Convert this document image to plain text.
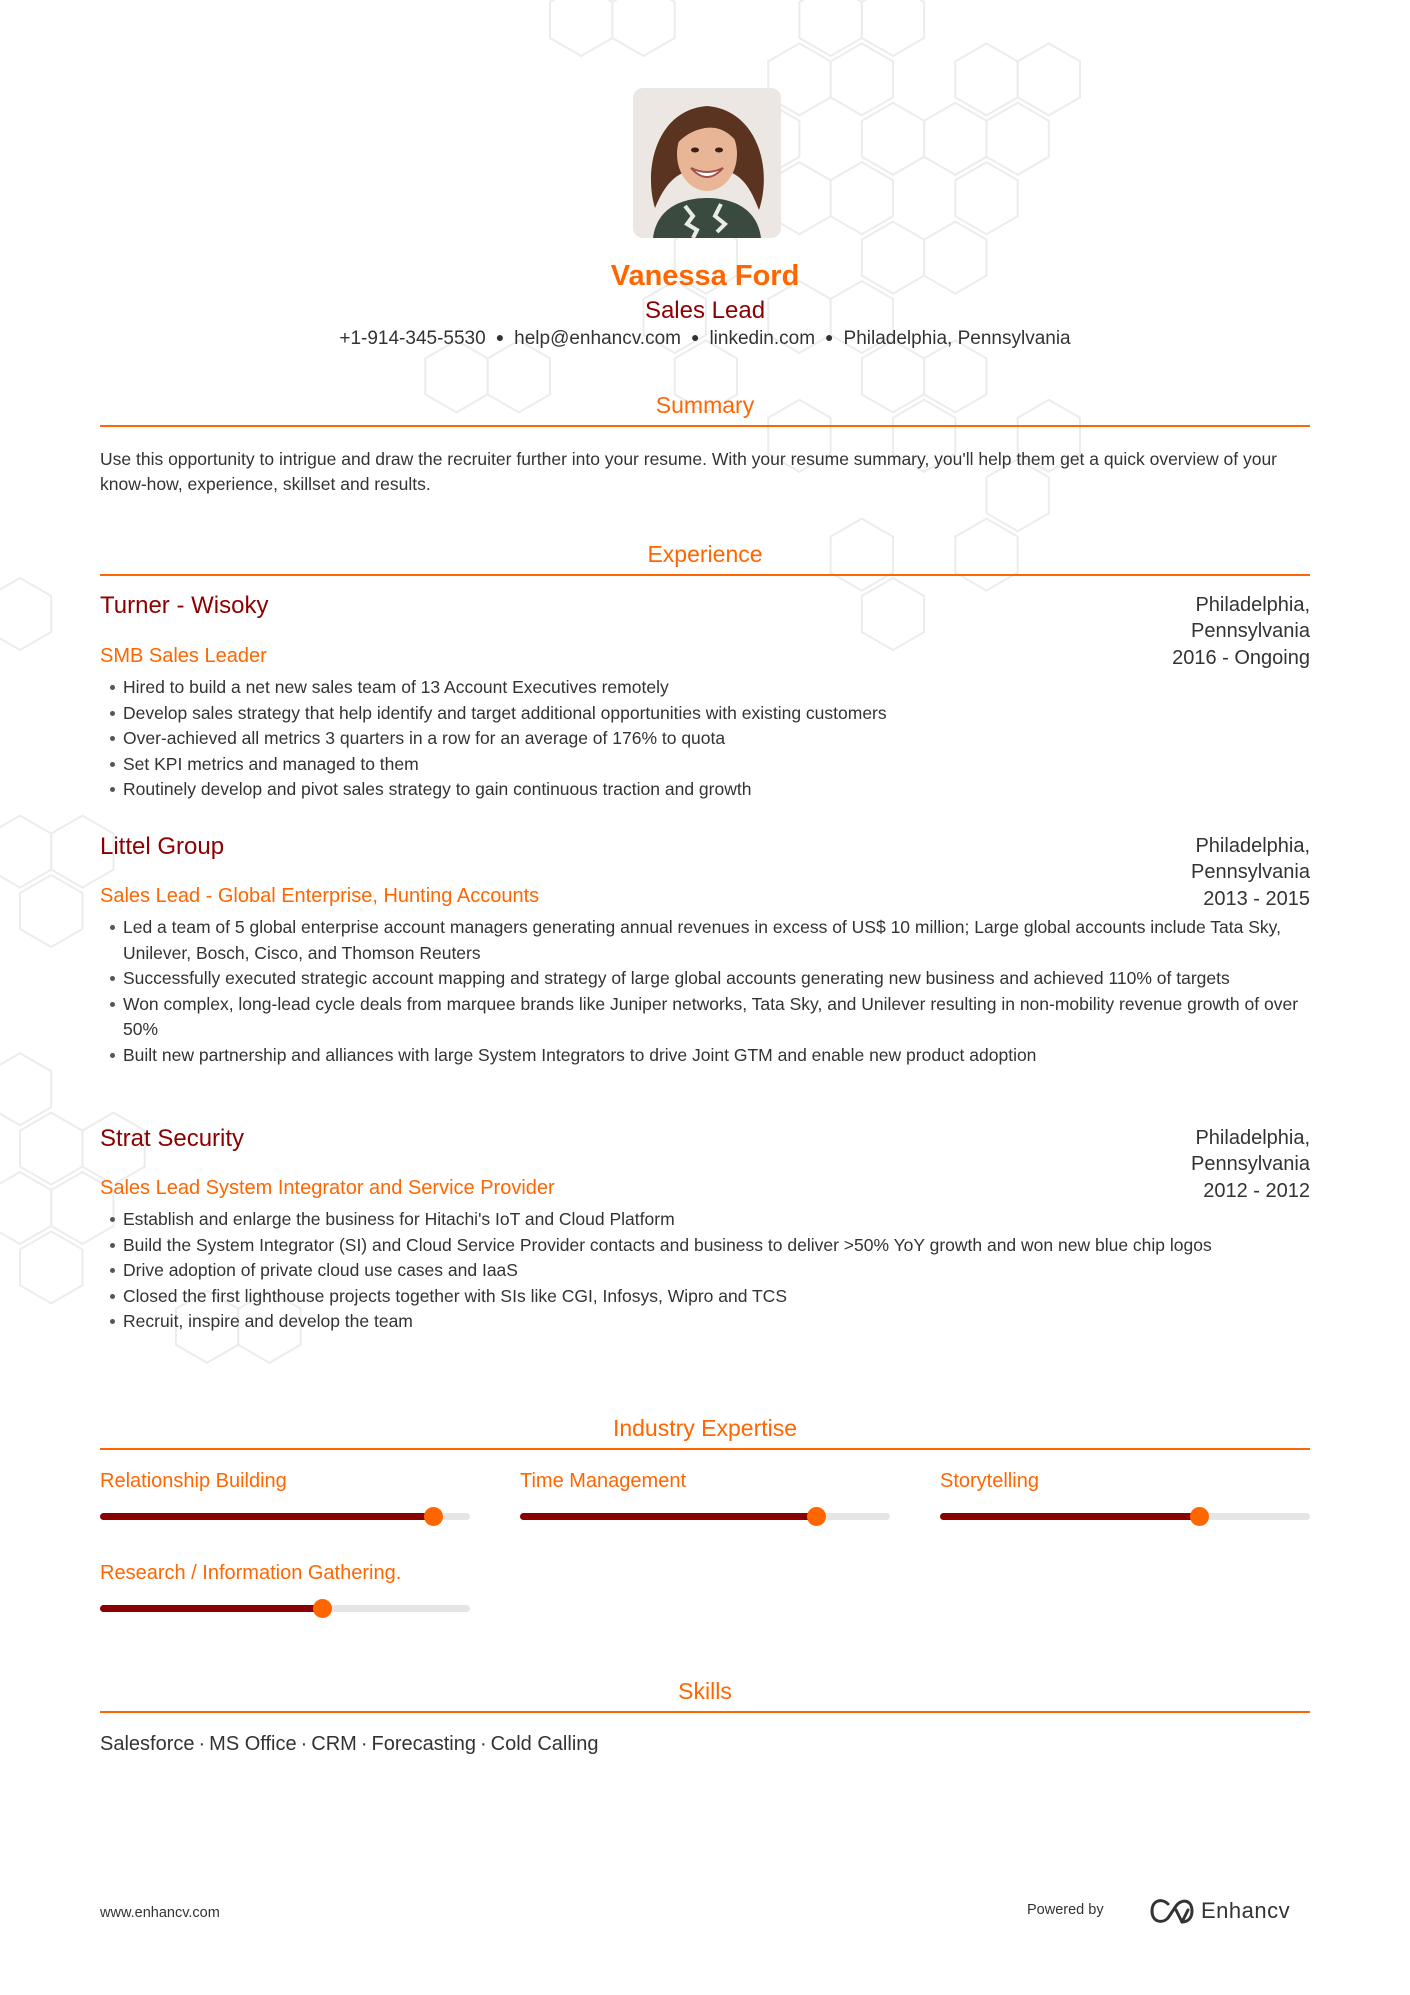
Vanessa Ford
Sales Lead
+1-914-345-5530 ● help@enhancv.com ● linkedin.com ● Philadelphia, Pennsylvania
Summary
Use this opportunity to intrigue and draw the recruiter further into your resume. With your resume summary, you'll help them get a quick overview of your know-how, experience, skillset and results.
Experience
Turner - Wisoky	Philadelphia,
Pennsylvania
2016 - Ongoing
SMB Sales Leader
Hired to build a net new sales team of 13 Account Executives remotely
Develop sales strategy that help identify and target additional opportunities with existing customers
Over-achieved all metrics 3 quarters in a row for an average of 176% to quota
Set KPI metrics and managed to them
Routinely develop and pivot sales strategy to gain continuous traction and growth
Littel Group	Philadelphia,
Pennsylvania
2013 - 2015
Sales Lead - Global Enterprise, Hunting Accounts
Led a team of 5 global enterprise account managers generating annual revenues in excess of US$ 10 million; Large global accounts include Tata Sky, Unilever, Bosch, Cisco, and Thomson Reuters
Successfully executed strategic account mapping and strategy of large global accounts generating new business and achieved 110% of targets
Won complex, long-lead cycle deals from marquee brands like Juniper networks, Tata Sky, and Unilever resulting in non-mobility revenue growth of over 50%
Built new partnership and alliances with large System Integrators to drive Joint GTM and enable new product adoption
Strat Security	Philadelphia,
Pennsylvania
2012 - 2012
Sales Lead System Integrator and Service Provider
Establish and enlarge the business for Hitachi's IoT and Cloud Platform
Build the System Integrator (SI) and Cloud Service Provider contacts and business to deliver >50% YoY growth and won new blue chip logos
Drive adoption of private cloud use cases and IaaS
Closed the first lighthouse projects together with SIs like CGI, Infosys, Wipro and TCS
Recruit, inspire and develop the team
Industry Expertise
Relationship Building	Time Management	Storytelling
Research / Information Gathering.
Skills
Salesforce · MS Office · CRM · Forecasting · Cold Calling
www.enhancv.com	Powered by	Enhancv
